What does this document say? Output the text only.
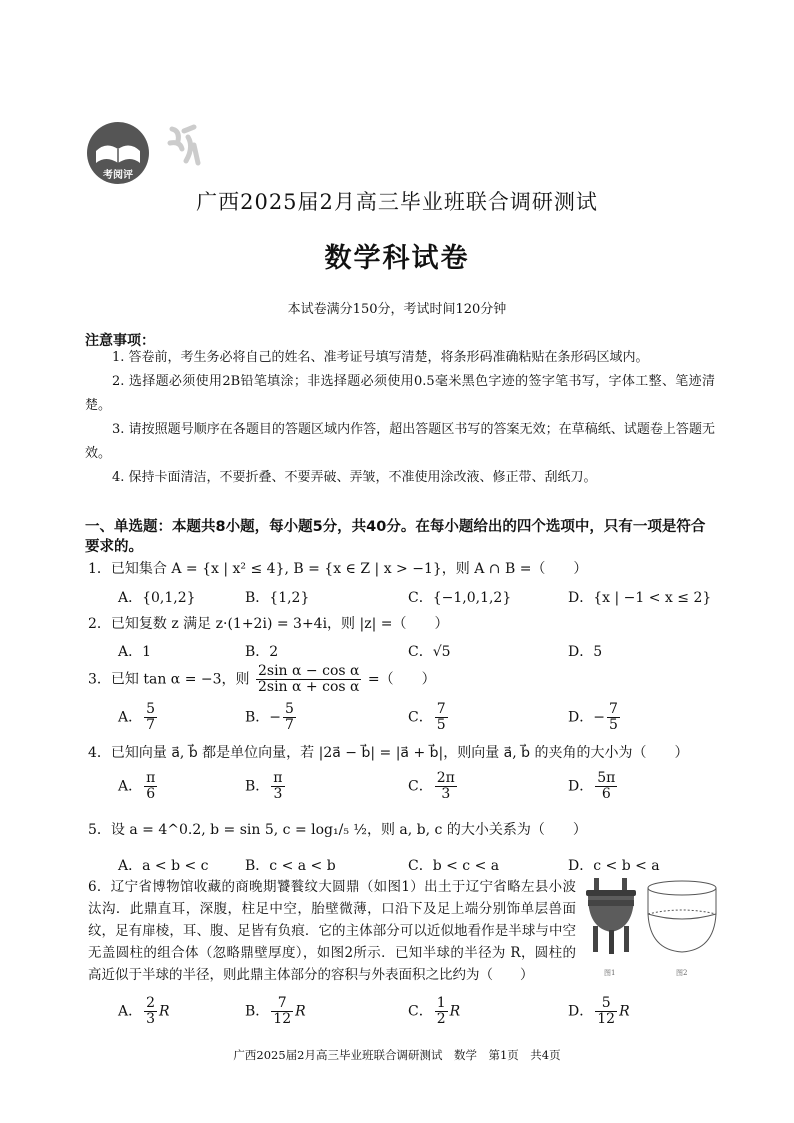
考阅评
广西2025届2月高三毕业班联合调研测试
数学科试卷
本试卷满分150分，考试时间120分钟
注意事项：

1. 答卷前，考生务必将自己的姓名、准考证号填写清楚，将条形码准确粘贴在条形码区域内。

2. 选择题必须使用2B铅笔填涂；非选择题必须使用0.5毫米黑色字迹的签字笔书写，字体工整、笔迹清楚。

3. 请按照题号顺序在各题目的答题区域内作答，超出答题区书写的答案无效；在草稿纸、试题卷上答题无效。

4. 保持卡面清洁，不要折叠、不要弄破、弄皱，不准使用涂改液、修正带、刮纸刀。

一、单选题：本题共8小题，每小题5分，共40分。在每小题给出的四个选项中，只有一项是符合要求的。
1．已知集合 A = {x | x² ≤ 4}, B = {x ∈ Z | x > −1}，则 A ∩ B =（　　）
A．{0,1,2}	B．{1,2}	C．{−1,0,1,2}	D．{x | −1 < x ≤ 2}
2．已知复数 z 满足 z·(1+2i) = 3+4i，则 |z| =（　　）
A．1	B．2	C．√5	D．5
3．已知 tan α = −3，则 $\frac{\text{2sin α − cos α}}{\text{2sin α + cos α}}$ =（　　）
A． $\frac{5}{7}$	B．− $\frac{5}{7}$	C． $\frac{7}{5}$	D．− $\frac{7}{5}$
4．已知向量 a⃗, b⃗ 都是单位向量，若 |2a⃗ − b⃗| = |a⃗ + b⃗|，则向量 a⃗, b⃗ 的夹角的大小为（　　）
A． $\frac{\pi}{6}$	B． $\frac{\pi}{3}$	C． $\frac{2\pi}{3}$	D． $\frac{5\pi}{6}$
5．设 a = 4^0.2, b = sin 5, c = log₁/₅ ½，则 a, b, c 的大小关系为（　　）
A．a < b < c	B．c < a < b	C．b < c < a	D．c < b < a
6．辽宁省博物馆收藏的商晚期饕餮纹大圆鼎（如图1）出土于辽宁省略左县小波汰沟．此鼎直耳，深腹，柱足中空，胎壁微薄，口沿下及足上端分别饰单层兽面纹，足有扉棱，耳、腹、足皆有负痕．它的主体部分可以近似地看作是半球与中空无盖圆柱的组合体（忽略鼎壁厚度），如图2所示．已知半球的半径为 R，圆柱的高近似于半球的半径，则此鼎主体部分的容积与外表面积之比约为（　　）	图1	图2
A． $\frac{2}{3}$ R	B． $\frac{7}{12}$ R	C． $\frac{1}{2}$ R	D． $\frac{5}{12}$ R
广西2025届2月高三毕业班联合调研测试　数学　第1页　共4页
